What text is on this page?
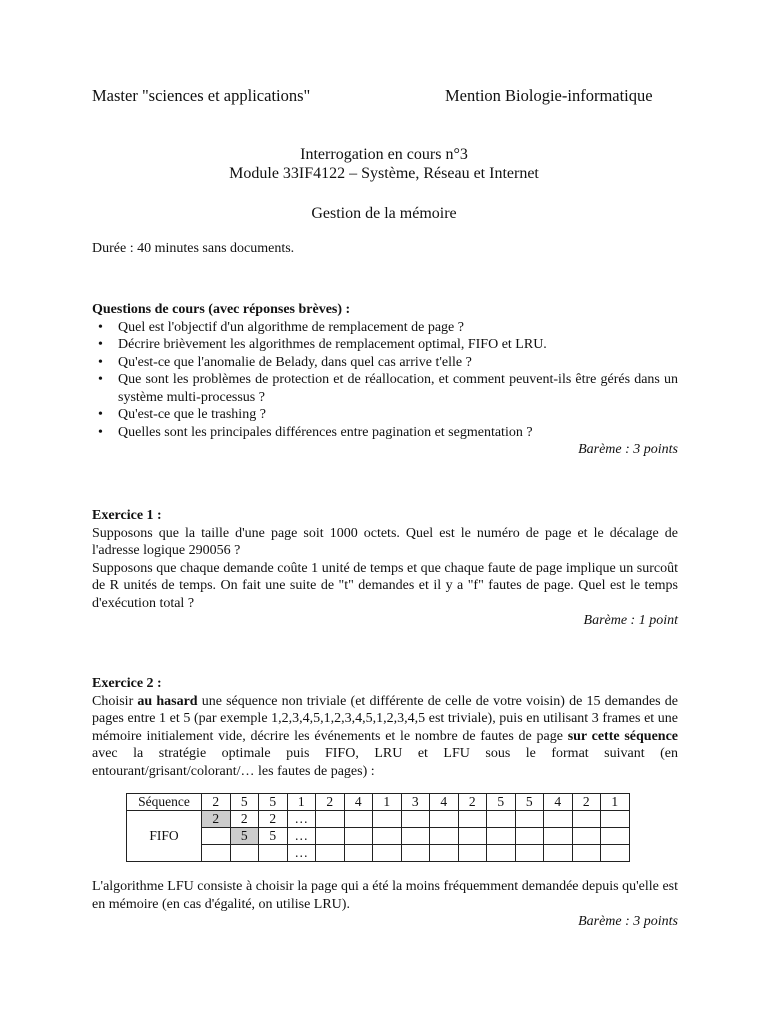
Master "sciences et applications"	Mention Biologie-informatique
Interrogation en cours n°3
Module 33IF4122 – Système, Réseau et Internet
Gestion de la mémoire
Durée : 40 minutes sans documents.
Questions de cours (avec réponses brèves) :
• Quel est l'objectif d'un algorithme de remplacement de page ?
• Décrire brièvement les algorithmes de remplacement optimal, FIFO et LRU.
• Qu'est-ce que l'anomalie de Belady, dans quel cas arrive t'elle ?
• Que sont les problèmes de protection et de réallocation, et comment peuvent-ils être gérés dans un système multi-processus ?
• Qu'est-ce que le trashing ?
• Quelles sont les principales différences entre pagination et segmentation ?
Barème : 3 points
Exercice 1 :
Supposons que la taille d'une page soit 1000 octets. Quel est le numéro de page et le décalage de l'adresse logique 290056 ?
Supposons que chaque demande coûte 1 unité de temps et que chaque faute de page implique un surcoût de R unités de temps. On fait une suite de "t" demandes et il y a "f" fautes de page. Quel est le temps d'exécution total ?
Barème : 1 point
Exercice 2 :
Choisir au hasard une séquence non triviale (et différente de celle de votre voisin) de 15 demandes de pages entre 1 et 5 (par exemple 1,2,3,4,5,1,2,3,4,5,1,2,3,4,5 est triviale), puis en utilisant 3 frames et une mémoire initialement vide, décrire les événements et le nombre de fautes de page sur cette séquence avec la stratégie optimale puis FIFO, LRU et LFU sous le format suivant (en entourant/grisant/colorant/… les fautes de pages) :
Séquence	2	5	5	1	2	4	1	3	4	2	5	5	4	2	1
FIFO	2	2	2	…											
		5	5	…											
				…											
L'algorithme LFU consiste à choisir la page qui a été la moins fréquemment demandée depuis qu'elle est en mémoire (en cas d'égalité, on utilise LRU).
Barème : 3 points
